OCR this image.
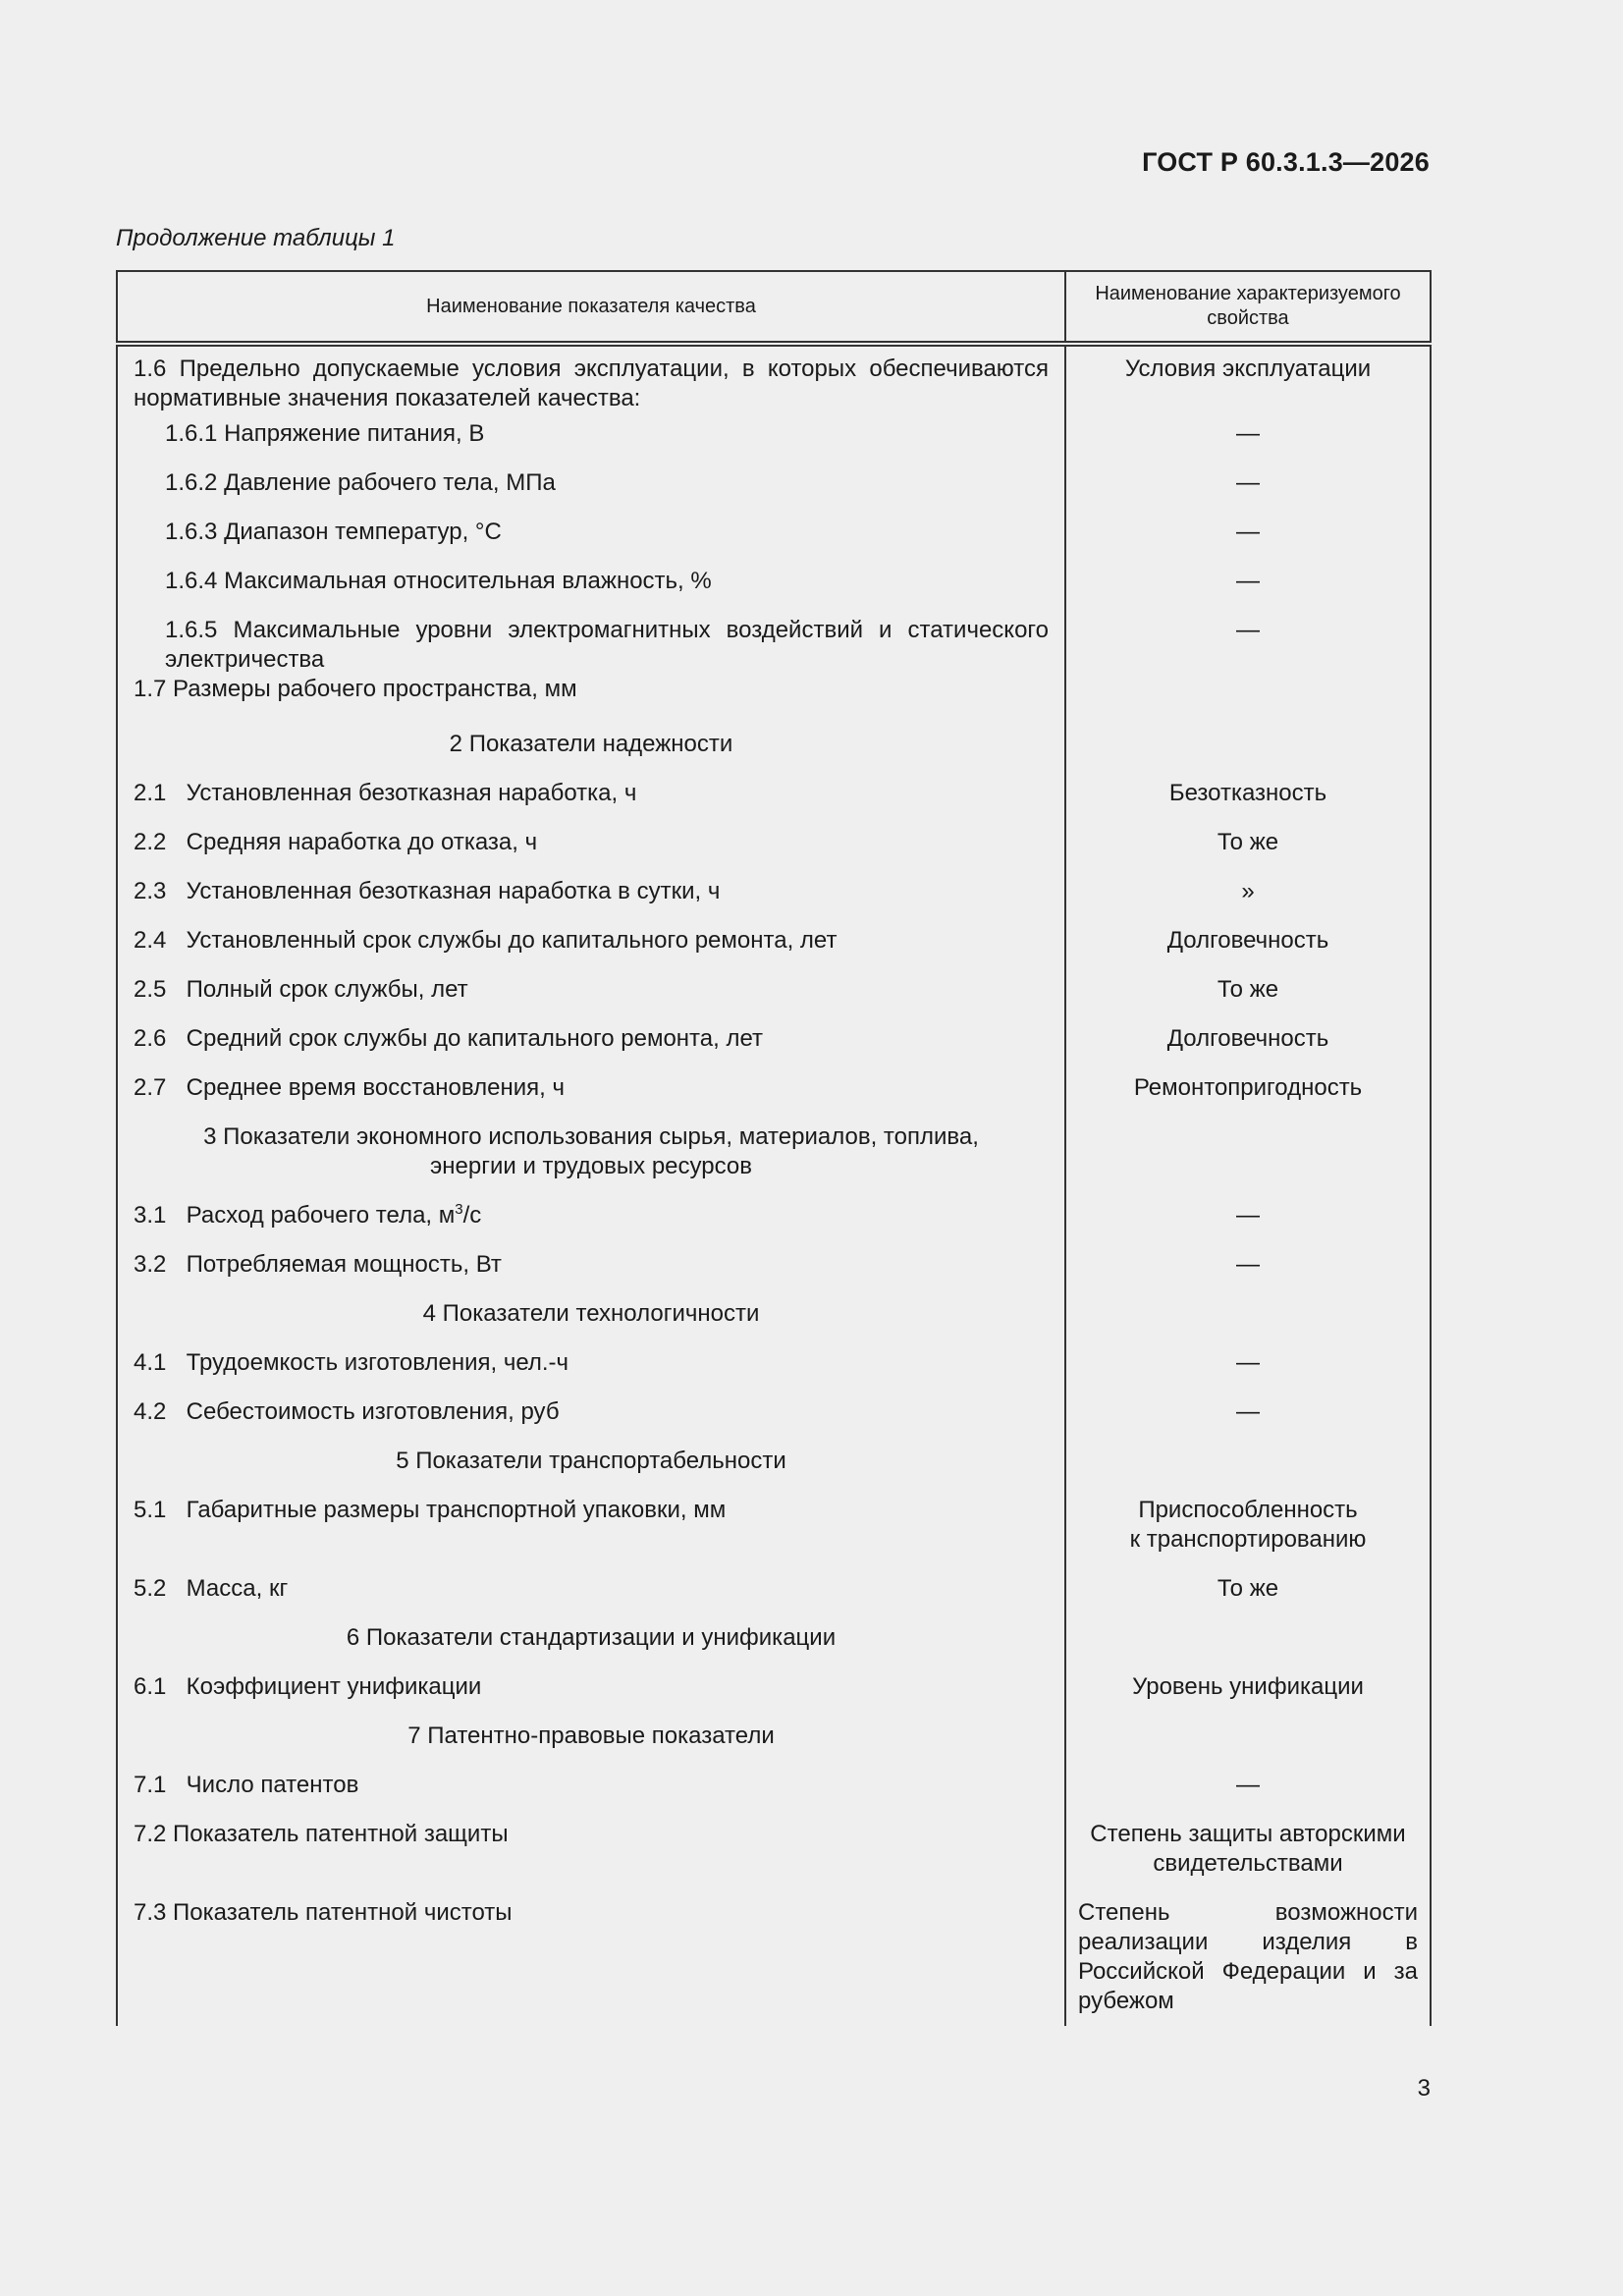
ГОСТ Р 60.3.1.3—2026
Продолжение таблицы 1
Наименование показателя качества	Наименование характеризуемого свойства
1.6 Предельно допускаемые условия эксплуатации, в которых обеспечиваются нормативные значения показателей качества:	Условия эксплуатации
1.6.1 Напряжение питания, В	—
1.6.2 Давление рабочего тела, МПа	—
1.6.3 Диапазон температур, °С	—
1.6.4 Максимальная относительная влажность, %	—
1.6.5 Максимальные уровни электромагнитных воздействий и статического электричества	—
1.7 Размеры рабочего пространства, мм	
2 Показатели надежности	
2.1 Установленная безотказная наработка, ч	Безотказность
2.2 Средняя наработка до отказа, ч	То же
2.3 Установленная безотказная наработка в сутки, ч	»
2.4 Установленный срок службы до капитального ремонта, лет	Долговечность
2.5 Полный срок службы, лет	То же
2.6 Средний срок службы до капитального ремонта, лет	Долговечность
2.7 Среднее время восстановления, ч	Ремонтопригодность
3 Показатели экономного использования сырья, материалов, топлива,
энергии и трудовых ресурсов	
3.1 Расход рабочего тела, $м^3/с$	—
3.2 Потребляемая мощность, Вт	—
4 Показатели технологичности	
4.1 Трудоемкость изготовления, чел.-ч	—
4.2 Себестоимость изготовления, руб	—
5 Показатели транспортабельности	
5.1 Габаритные размеры транспортной упаковки, мм	Приспособленность
к транспортированию
5.2 Масса, кг	То же
6 Показатели стандартизации и унификации	
6.1 Коэффициент унификации	Уровень унификации
7 Патентно-правовые показатели	
7.1 Число патентов	—
7.2 Показатель патентной защиты	Степень защиты авторскими
свидетельствами
7.3 Показатель патентной чистоты	Степень возможности реализации изделия в Российской Федерации и за рубежом
3
